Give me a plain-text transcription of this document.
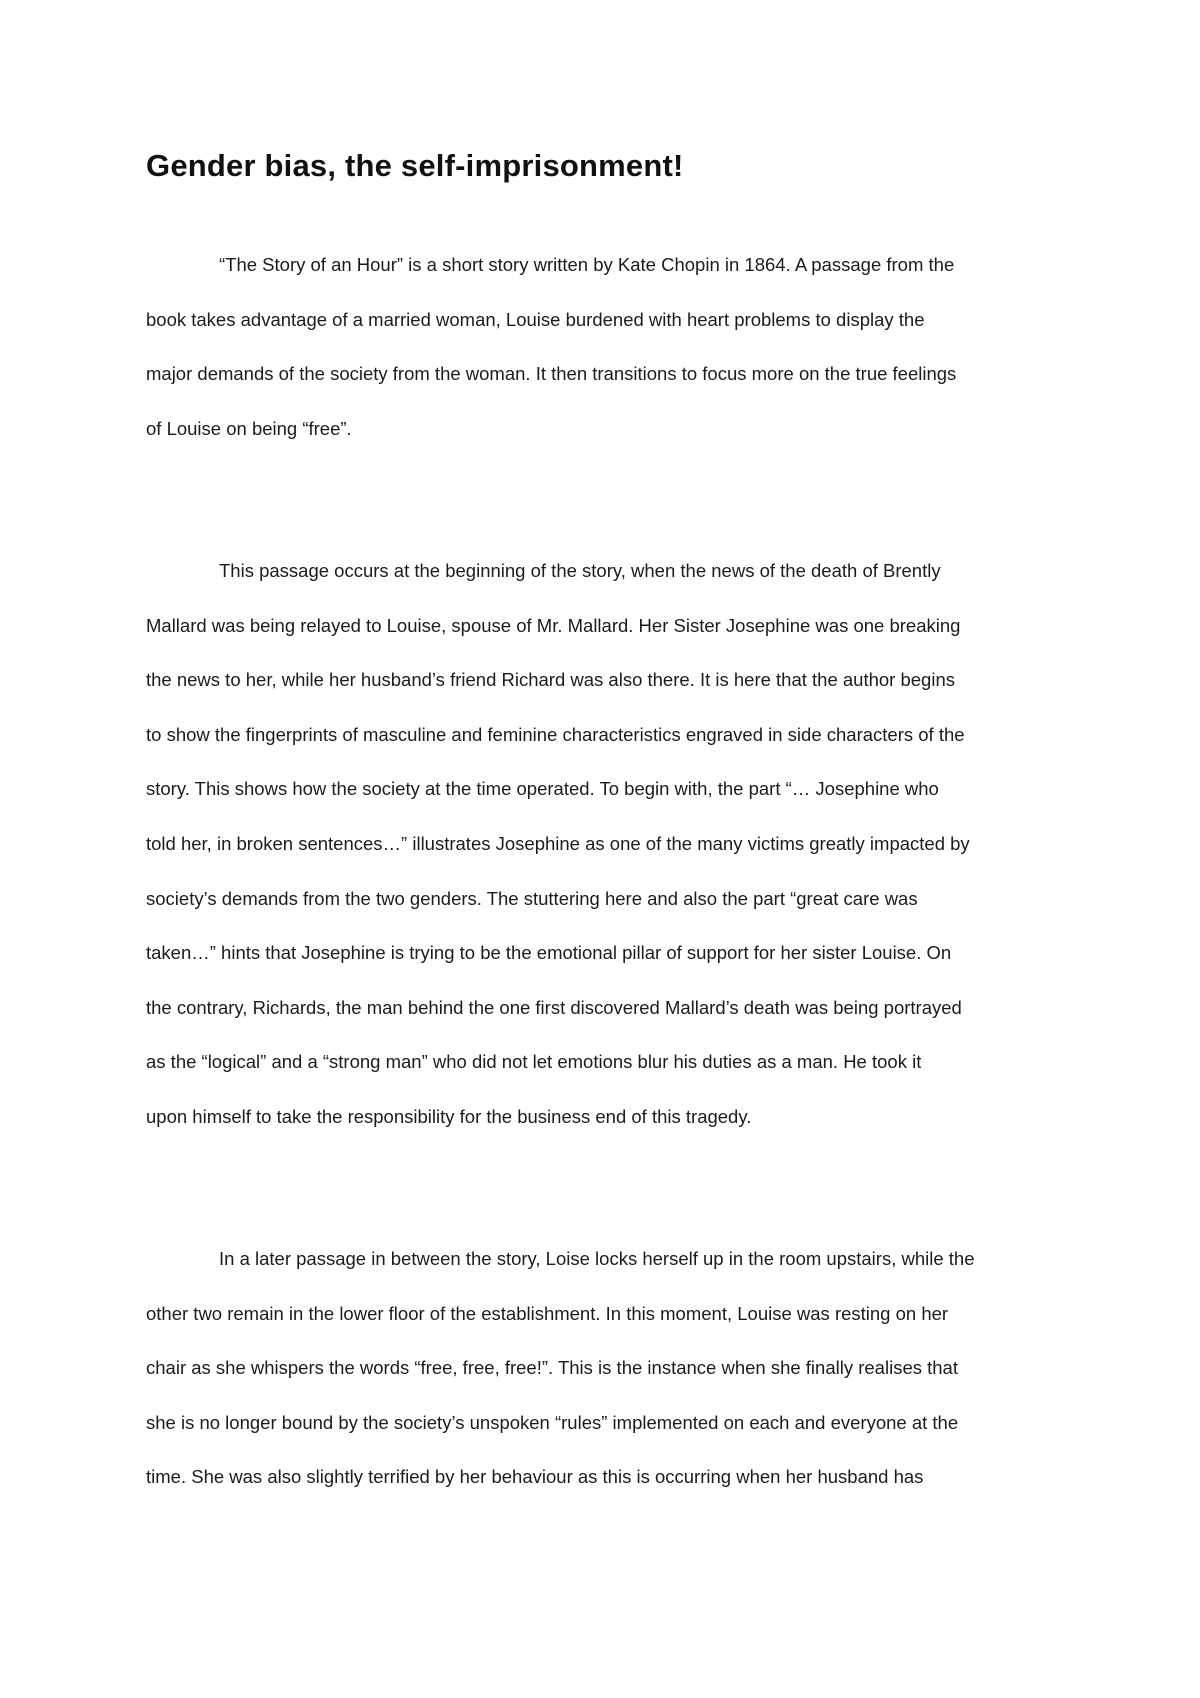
Gender bias, the self-imprisonment!
“The Story of an Hour” is a short story written by Kate Chopin in 1864. A passage from the
book takes advantage of a married woman, Louise burdened with heart problems to display the
major demands of the society from the woman. It then transitions to focus more on the true feelings
of Louise on being “free”.
This passage occurs at the beginning of the story, when the news of the death of Brently
Mallard was being relayed to Louise, spouse of Mr. Mallard. Her Sister Josephine was one breaking
the news to her, while her husband’s friend Richard was also there. It is here that the author begins
to show the fingerprints of masculine and feminine characteristics engraved in side characters of the
story. This shows how the society at the time operated. To begin with, the part “… Josephine who
told her, in broken sentences…” illustrates Josephine as one of the many victims greatly impacted by
society’s demands from the two genders. The stuttering here and also the part “great care was
taken…” hints that Josephine is trying to be the emotional pillar of support for her sister Louise. On
the contrary, Richards, the man behind the one first discovered Mallard’s death was being portrayed
as the “logical” and a “strong man” who did not let emotions blur his duties as a man. He took it
upon himself to take the responsibility for the business end of this tragedy.
In a later passage in between the story, Loise locks herself up in the room upstairs, while the
other two remain in the lower floor of the establishment. In this moment, Louise was resting on her
chair as she whispers the words “free, free, free!”. This is the instance when she finally realises that
she is no longer bound by the society’s unspoken “rules” implemented on each and everyone at the
time. She was also slightly terrified by her behaviour as this is occurring when her husband has
